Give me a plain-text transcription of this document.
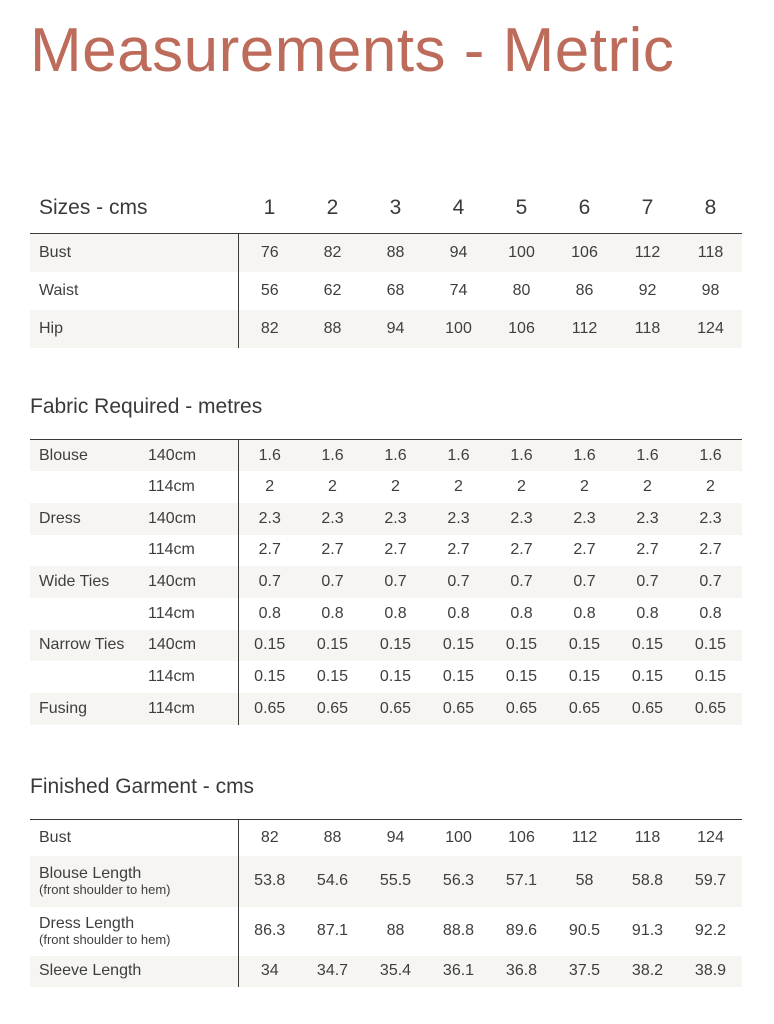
Measurements - Metric
Sizes - cms	1	2	3	4	5	6	7	8
Bust	76	82	88	94	100	106	112	118
Waist	56	62	68	74	80	86	92	98
Hip	82	88	94	100	106	112	118	124
Fabric Required - metres
Blouse	140cm	1.6	1.6	1.6	1.6	1.6	1.6	1.6	1.6
	114cm	2	2	2	2	2	2	2	2
Dress	140cm	2.3	2.3	2.3	2.3	2.3	2.3	2.3	2.3
	114cm	2.7	2.7	2.7	2.7	2.7	2.7	2.7	2.7
Wide Ties	140cm	0.7	0.7	0.7	0.7	0.7	0.7	0.7	0.7
	114cm	0.8	0.8	0.8	0.8	0.8	0.8	0.8	0.8
Narrow Ties	140cm	0.15	0.15	0.15	0.15	0.15	0.15	0.15	0.15
	114cm	0.15	0.15	0.15	0.15	0.15	0.15	0.15	0.15
Fusing	114cm	0.65	0.65	0.65	0.65	0.65	0.65	0.65	0.65
Finished Garment - cms
Bust	82	88	94	100	106	112	118	124

Blouse Length
(front shoulder to hem)	53.8	54.6	55.5	56.3	57.1	58	58.8	59.7

Dress Length
(front shoulder to hem)	86.3	87.1	88	88.8	89.6	90.5	91.3	92.2

Sleeve Length	34	34.7	35.4	36.1	36.8	37.5	38.2	38.9
